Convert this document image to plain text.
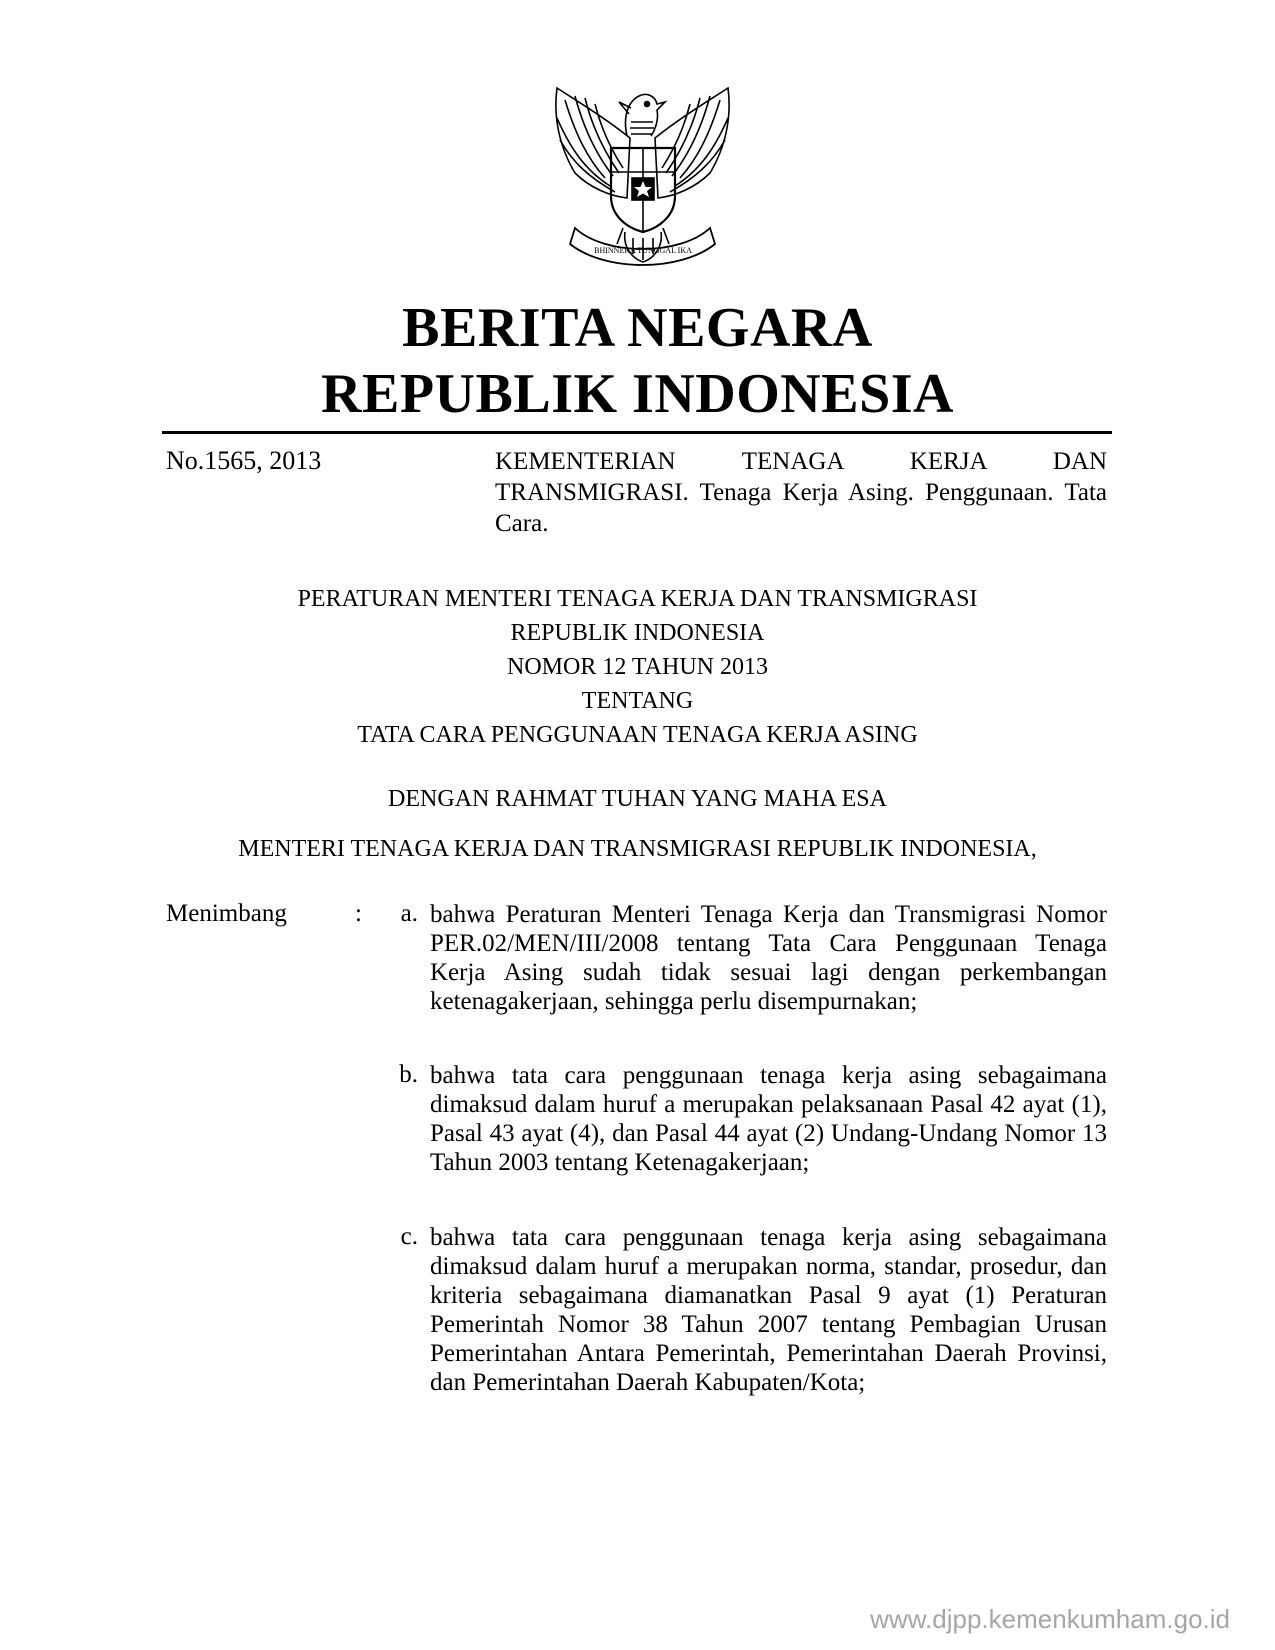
BHINNEKA TUNGGAL IKA
BERITA NEGARA
REPUBLIK INDONESIA
No.1565, 2013	KEMENTERIAN TENAGA KERJA DAN TRANSMIGRASI. Tenaga Kerja Asing. Penggunaan. Tata Cara.
PERATURAN MENTERI TENAGA KERJA DAN TRANSMIGRASI
REPUBLIK INDONESIA
NOMOR 12 TAHUN 2013
TENTANG
TATA CARA PENGGUNAAN TENAGA KERJA ASING
DENGAN RAHMAT TUHAN YANG MAHA ESA
MENTERI TENAGA KERJA DAN TRANSMIGRASI REPUBLIK INDONESIA,
Menimbang	:	a. bahwa Peraturan Menteri Tenaga Kerja dan Transmigrasi Nomor PER.02/MEN/III/2008 tentang Tata Cara Penggunaan Tenaga Kerja Asing sudah tidak sesuai lagi dengan perkembangan ketenagakerjaan, sehingga perlu disempurnakan;
b. bahwa tata cara penggunaan tenaga kerja asing sebagaimana dimaksud dalam huruf a merupakan pelaksanaan Pasal 42 ayat (1), Pasal 43 ayat (4), dan Pasal 44 ayat (2) Undang-Undang Nomor 13 Tahun 2003 tentang Ketenagakerjaan;
c. bahwa tata cara penggunaan tenaga kerja asing sebagaimana dimaksud dalam huruf a merupakan norma, standar, prosedur, dan kriteria sebagaimana diamanatkan Pasal 9 ayat (1) Peraturan Pemerintah Nomor 38 Tahun 2007 tentang Pembagian Urusan Pemerintahan Antara Pemerintah, Pemerintahan Daerah Provinsi, dan Pemerintahan Daerah Kabupaten/Kota;
www.djpp.kemenkumham.go.id
